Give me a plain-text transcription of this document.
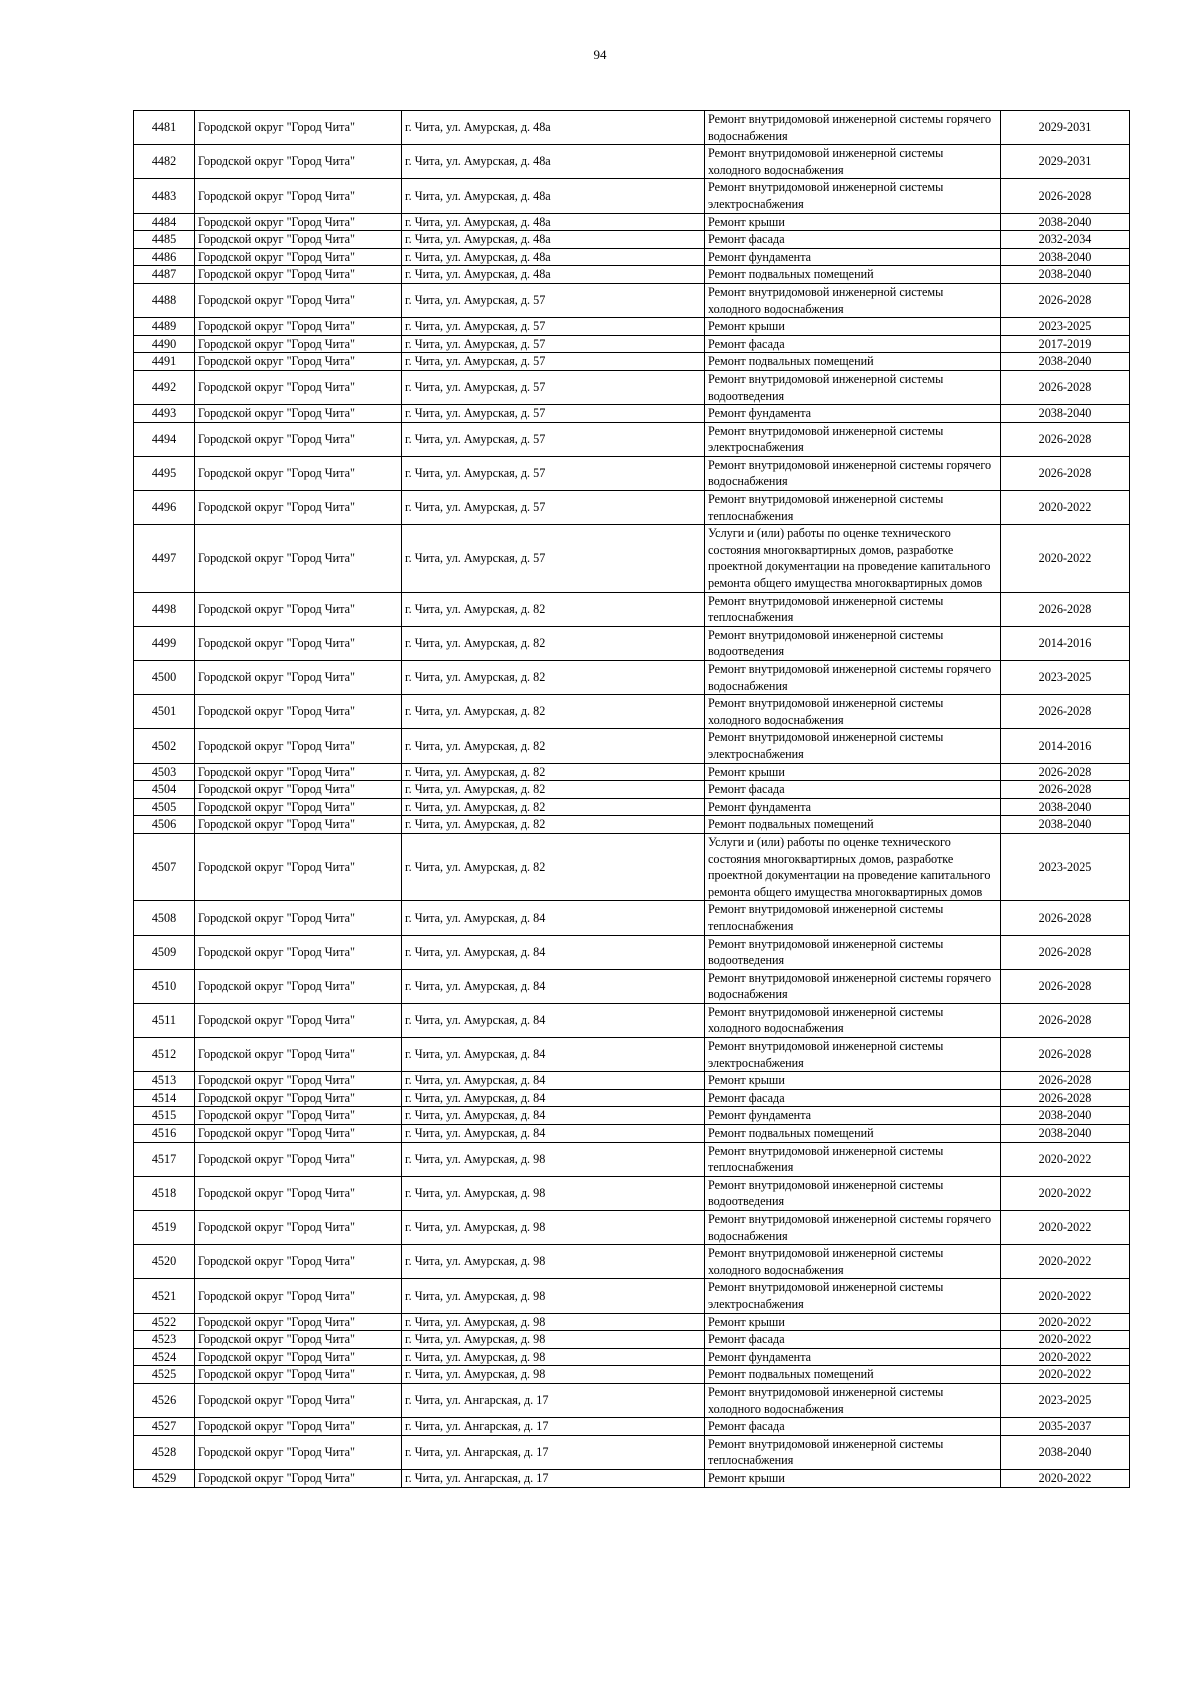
94
4481	Городской округ "Город Чита"	г. Чита, ул. Амурская, д. 48а	Ремонт внутридомовой инженерной системы горячего водоснабжения	2029-2031
4482	Городской округ "Город Чита"	г. Чита, ул. Амурская, д. 48а	Ремонт внутридомовой инженерной системы холодного водоснабжения	2029-2031
4483	Городской округ "Город Чита"	г. Чита, ул. Амурская, д. 48а	Ремонт внутридомовой инженерной системы электроснабжения	2026-2028
4484	Городской округ "Город Чита"	г. Чита, ул. Амурская, д. 48а	Ремонт крыши	2038-2040
4485	Городской округ "Город Чита"	г. Чита, ул. Амурская, д. 48а	Ремонт фасада	2032-2034
4486	Городской округ "Город Чита"	г. Чита, ул. Амурская, д. 48а	Ремонт фундамента	2038-2040
4487	Городской округ "Город Чита"	г. Чита, ул. Амурская, д. 48а	Ремонт подвальных помещений	2038-2040
4488	Городской округ "Город Чита"	г. Чита, ул. Амурская, д. 57	Ремонт внутридомовой инженерной системы холодного водоснабжения	2026-2028
4489	Городской округ "Город Чита"	г. Чита, ул. Амурская, д. 57	Ремонт крыши	2023-2025
4490	Городской округ "Город Чита"	г. Чита, ул. Амурская, д. 57	Ремонт фасада	2017-2019
4491	Городской округ "Город Чита"	г. Чита, ул. Амурская, д. 57	Ремонт подвальных помещений	2038-2040
4492	Городской округ "Город Чита"	г. Чита, ул. Амурская, д. 57	Ремонт внутридомовой инженерной системы водоотведения	2026-2028
4493	Городской округ "Город Чита"	г. Чита, ул. Амурская, д. 57	Ремонт фундамента	2038-2040
4494	Городской округ "Город Чита"	г. Чита, ул. Амурская, д. 57	Ремонт внутридомовой инженерной системы электроснабжения	2026-2028
4495	Городской округ "Город Чита"	г. Чита, ул. Амурская, д. 57	Ремонт внутридомовой инженерной системы горячего водоснабжения	2026-2028
4496	Городской округ "Город Чита"	г. Чита, ул. Амурская, д. 57	Ремонт внутридомовой инженерной системы теплоснабжения	2020-2022
4497	Городской округ "Город Чита"	г. Чита, ул. Амурская, д. 57	Услуги и (или) работы по оценке технического состояния многоквартирных домов, разработке проектной документации на проведение капитального ремонта общего имущества многоквартирных домов	2020-2022
4498	Городской округ "Город Чита"	г. Чита, ул. Амурская, д. 82	Ремонт внутридомовой инженерной системы теплоснабжения	2026-2028
4499	Городской округ "Город Чита"	г. Чита, ул. Амурская, д. 82	Ремонт внутридомовой инженерной системы водоотведения	2014-2016
4500	Городской округ "Город Чита"	г. Чита, ул. Амурская, д. 82	Ремонт внутридомовой инженерной системы горячего водоснабжения	2023-2025
4501	Городской округ "Город Чита"	г. Чита, ул. Амурская, д. 82	Ремонт внутридомовой инженерной системы холодного водоснабжения	2026-2028
4502	Городской округ "Город Чита"	г. Чита, ул. Амурская, д. 82	Ремонт внутридомовой инженерной системы электроснабжения	2014-2016
4503	Городской округ "Город Чита"	г. Чита, ул. Амурская, д. 82	Ремонт крыши	2026-2028
4504	Городской округ "Город Чита"	г. Чита, ул. Амурская, д. 82	Ремонт фасада	2026-2028
4505	Городской округ "Город Чита"	г. Чита, ул. Амурская, д. 82	Ремонт фундамента	2038-2040
4506	Городской округ "Город Чита"	г. Чита, ул. Амурская, д. 82	Ремонт подвальных помещений	2038-2040
4507	Городской округ "Город Чита"	г. Чита, ул. Амурская, д. 82	Услуги и (или) работы по оценке технического состояния многоквартирных домов, разработке проектной документации на проведение капитального ремонта общего имущества многоквартирных домов	2023-2025
4508	Городской округ "Город Чита"	г. Чита, ул. Амурская, д. 84	Ремонт внутридомовой инженерной системы теплоснабжения	2026-2028
4509	Городской округ "Город Чита"	г. Чита, ул. Амурская, д. 84	Ремонт внутридомовой инженерной системы водоотведения	2026-2028
4510	Городской округ "Город Чита"	г. Чита, ул. Амурская, д. 84	Ремонт внутридомовой инженерной системы горячего водоснабжения	2026-2028
4511	Городской округ "Город Чита"	г. Чита, ул. Амурская, д. 84	Ремонт внутридомовой инженерной системы холодного водоснабжения	2026-2028
4512	Городской округ "Город Чита"	г. Чита, ул. Амурская, д. 84	Ремонт внутридомовой инженерной системы электроснабжения	2026-2028
4513	Городской округ "Город Чита"	г. Чита, ул. Амурская, д. 84	Ремонт крыши	2026-2028
4514	Городской округ "Город Чита"	г. Чита, ул. Амурская, д. 84	Ремонт фасада	2026-2028
4515	Городской округ "Город Чита"	г. Чита, ул. Амурская, д. 84	Ремонт фундамента	2038-2040
4516	Городской округ "Город Чита"	г. Чита, ул. Амурская, д. 84	Ремонт подвальных помещений	2038-2040
4517	Городской округ "Город Чита"	г. Чита, ул. Амурская, д. 98	Ремонт внутридомовой инженерной системы теплоснабжения	2020-2022
4518	Городской округ "Город Чита"	г. Чита, ул. Амурская, д. 98	Ремонт внутридомовой инженерной системы водоотведения	2020-2022
4519	Городской округ "Город Чита"	г. Чита, ул. Амурская, д. 98	Ремонт внутридомовой инженерной системы горячего водоснабжения	2020-2022
4520	Городской округ "Город Чита"	г. Чита, ул. Амурская, д. 98	Ремонт внутридомовой инженерной системы холодного водоснабжения	2020-2022
4521	Городской округ "Город Чита"	г. Чита, ул. Амурская, д. 98	Ремонт внутридомовой инженерной системы электроснабжения	2020-2022
4522	Городской округ "Город Чита"	г. Чита, ул. Амурская, д. 98	Ремонт крыши	2020-2022
4523	Городской округ "Город Чита"	г. Чита, ул. Амурская, д. 98	Ремонт фасада	2020-2022
4524	Городской округ "Город Чита"	г. Чита, ул. Амурская, д. 98	Ремонт фундамента	2020-2022
4525	Городской округ "Город Чита"	г. Чита, ул. Амурская, д. 98	Ремонт подвальных помещений	2020-2022
4526	Городской округ "Город Чита"	г. Чита, ул. Ангарская, д. 17	Ремонт внутридомовой инженерной системы холодного водоснабжения	2023-2025
4527	Городской округ "Город Чита"	г. Чита, ул. Ангарская, д. 17	Ремонт фасада	2035-2037
4528	Городской округ "Город Чита"	г. Чита, ул. Ангарская, д. 17	Ремонт внутридомовой инженерной системы теплоснабжения	2038-2040
4529	Городской округ "Город Чита"	г. Чита, ул. Ангарская, д. 17	Ремонт крыши	2020-2022
